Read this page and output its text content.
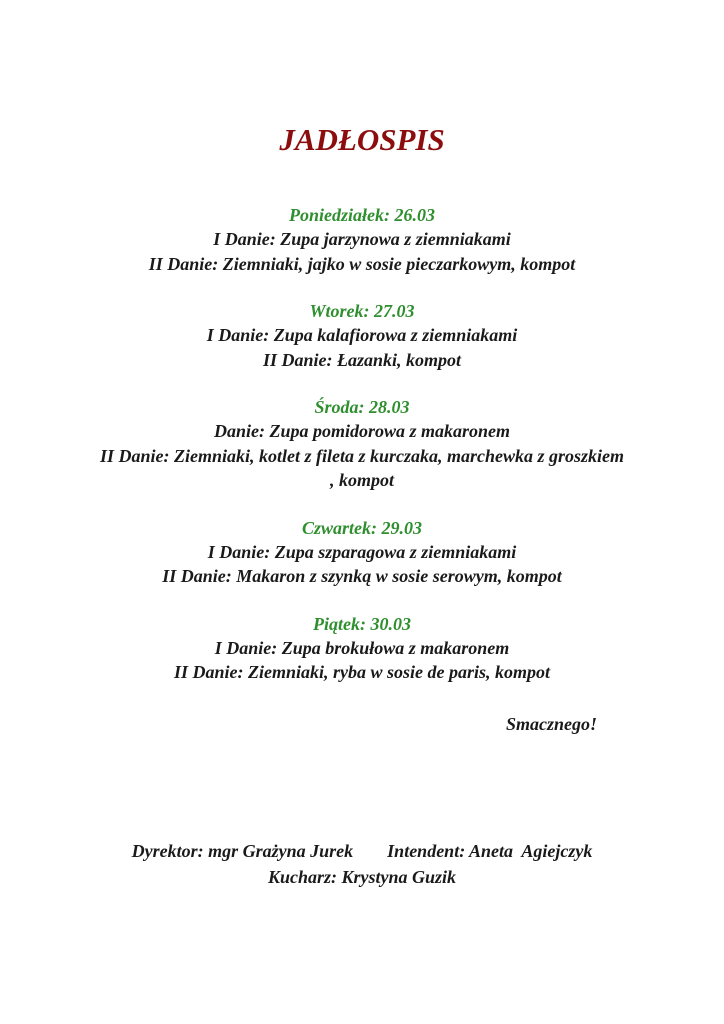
JADŁOSPIS
Poniedziałek: 26.03
I Danie: Zupa jarzynowa z ziemniakami
II Danie: Ziemniaki, jajko w sosie pieczarkowym, kompot
Wtorek: 27.03
I Danie: Zupa kalafiorowa z ziemniakami
II Danie: Łazanki, kompot
Środa: 28.03
Danie: Zupa pomidorowa z makaronem
II Danie: Ziemniaki, kotlet z fileta z kurczaka, marchewka z groszkiem , kompot
Czwartek: 29.03
I Danie: Zupa szparagowa z ziemniakami
II Danie: Makaron z szynką w sosie serowym, kompot
Piątek: 30.03
I Danie: Zupa brokułowa z makaronem
II Danie: Ziemniaki, ryba w sosie de paris, kompot
Smacznego!
Dyrektor: mgr Grażyna Jurek Intendent: Aneta  Agiejczyk
Kucharz: Krystyna Guzik
